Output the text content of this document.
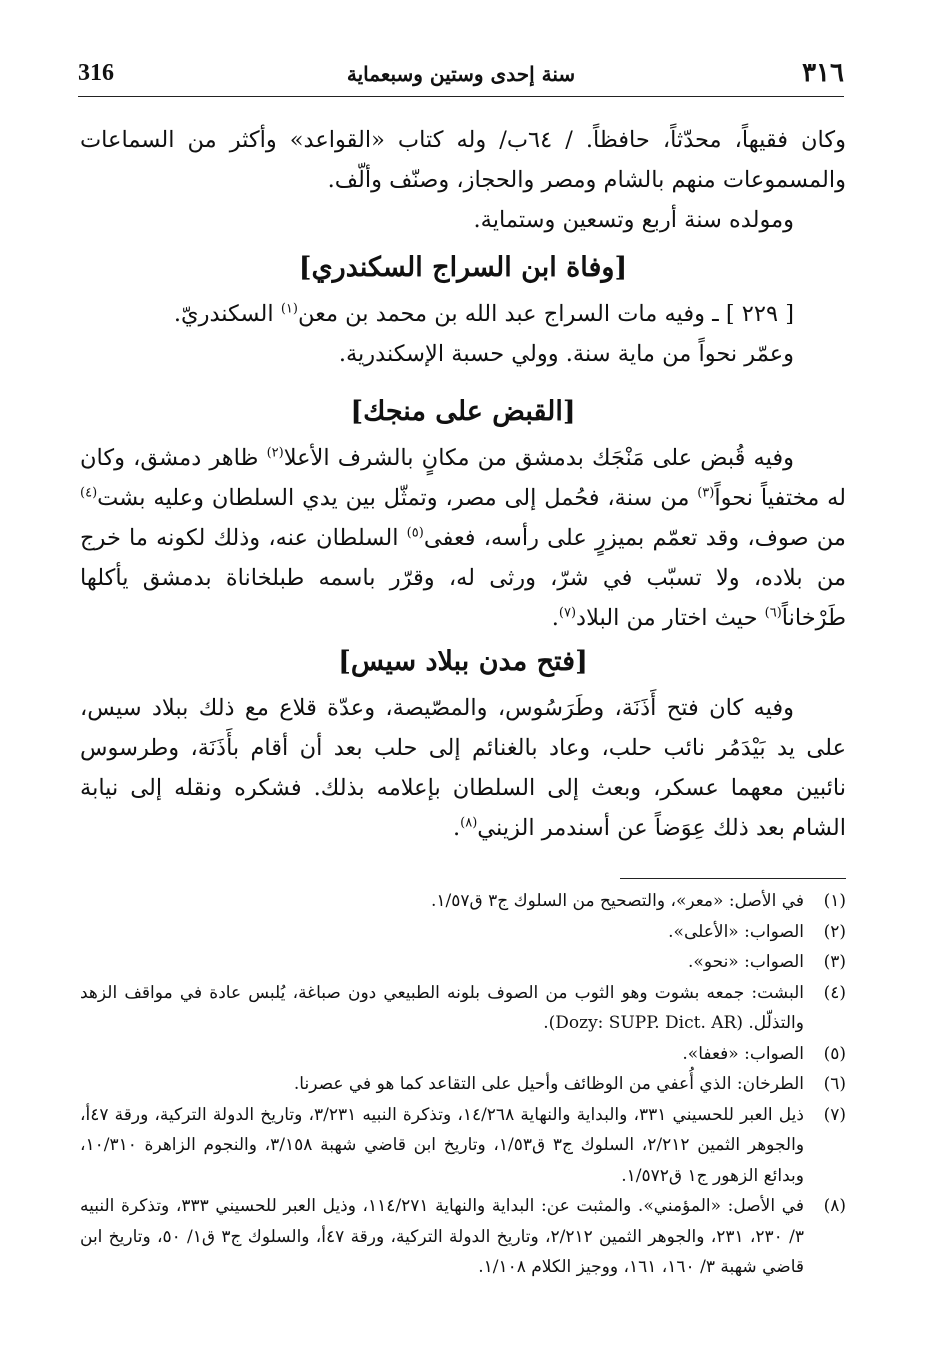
316	سنة إحدى وستين وسبعماية	٣١٦

وكان فقيهاً، محدّثاً، حافظاً. / ٦٤ب/ وله كتاب «القواعد» وأكثر من السماعات والمسموعات منهم بالشام ومصر والحجاز، وصنّف وألّف.

ومولده سنة أربع وتسعين وستماية.

[وفاة ابن السراج السكندري]

[ ٢٢٩ ] ـ وفيه مات السراج عبد الله بن محمد بن معن$^{(١)}$ السكندريّ.

وعمّر نحواً من ماية سنة. وولي حسبة الإسكندرية.

[القبض على منجك]

وفيه قُبض على مَنْجَك بدمشق من مكانٍ بالشرف الأعلا$^{(٢)}$ ظاهر دمشق، وكان له مختفياً نحواً$^{(٣)}$ من سنة، فحُمل إلى مصر، وتمثّل بين يدي السلطان وعليه بشت$^{(٤)}$ من صوف، وقد تعمّم بميزرٍ على رأسه، فعفى$^{(٥)}$ السلطان عنه، وذلك لكونه ما خرج من بلاده، ولا تسبّب في شرّ، ورثى له، وقرّر باسمه طبلخاناة بدمشق يأكلها طَرْخاناً$^{(٦)}$ حيث اختار من البلاد$^{(٧)}$.

[فتح مدن ببلاد سيس]

وفيه كان فتح أَذَنَة، وطَرَسُوس، والمصّيصة، وعدّة قلاع مع ذلك ببلاد سيس، على يد بَيْدَمُر نائب حلب، وعاد بالغنائم إلى حلب بعد أن أقام بأَذَنَة، وطرسوس نائبين معهما عسكر، وبعث إلى السلطان بإعلامه بذلك. فشكره ونقله إلى نيابة الشام بعد ذلك عِوَضاً عن أسندمر الزيني$^{(٨)}$.

(١)
في الأصل: «معر»، والتصحيح من السلوك ج٣ ق١/٥٧.
(٢)
الصواب: «الأعلى».
(٣)
الصواب: «نحو».
(٤)
البشت: جمعه بشوت وهو الثوب من الصوف بلونه الطبيعي دون صباغة، يُلبس عادة في مواقف الزهد والتذلّل. (Dozy: SUPP. Dict. AR).
(٥)
الصواب: «فعفا».
(٦)
الطرخان: الذي أُعفي من الوظائف وأحيل على التقاعد كما هو في عصرنا.
(٧)
ذيل العبر للحسيني ٣٣١، والبداية والنهاية ١٤/٢٦٨، وتذكرة النبيه ٣/٢٣١، وتاريخ الدولة التركية، ورقة ٤٧أ، والجوهر الثمين ٢/٢١٢، السلوك ج٣ ق١/٥٣، وتاريخ ابن قاضي شهبة ٣/١٥٨، والنجوم الزاهرة ١٠/٣١٠، وبدائع الزهور ج١ ق١/٥٧٢.
(٨)
في الأصل: «المؤمني». والمثبت عن: البداية والنهاية ١١٤/٢٧١، وذيل العبر للحسيني ٣٣٣، وتذكرة النبيه ٣/ ٢٣٠، ٢٣١، والجوهر الثمين ٢/٢١٢، وتاريخ الدولة التركية، ورقة ٤٧أ، والسلوك ج٣ ق١/ ٥٠، وتاريخ ابن قاضي شهبة ٣/ ١٦٠، ١٦١، ووجيز الكلام ١/١٠٨.
